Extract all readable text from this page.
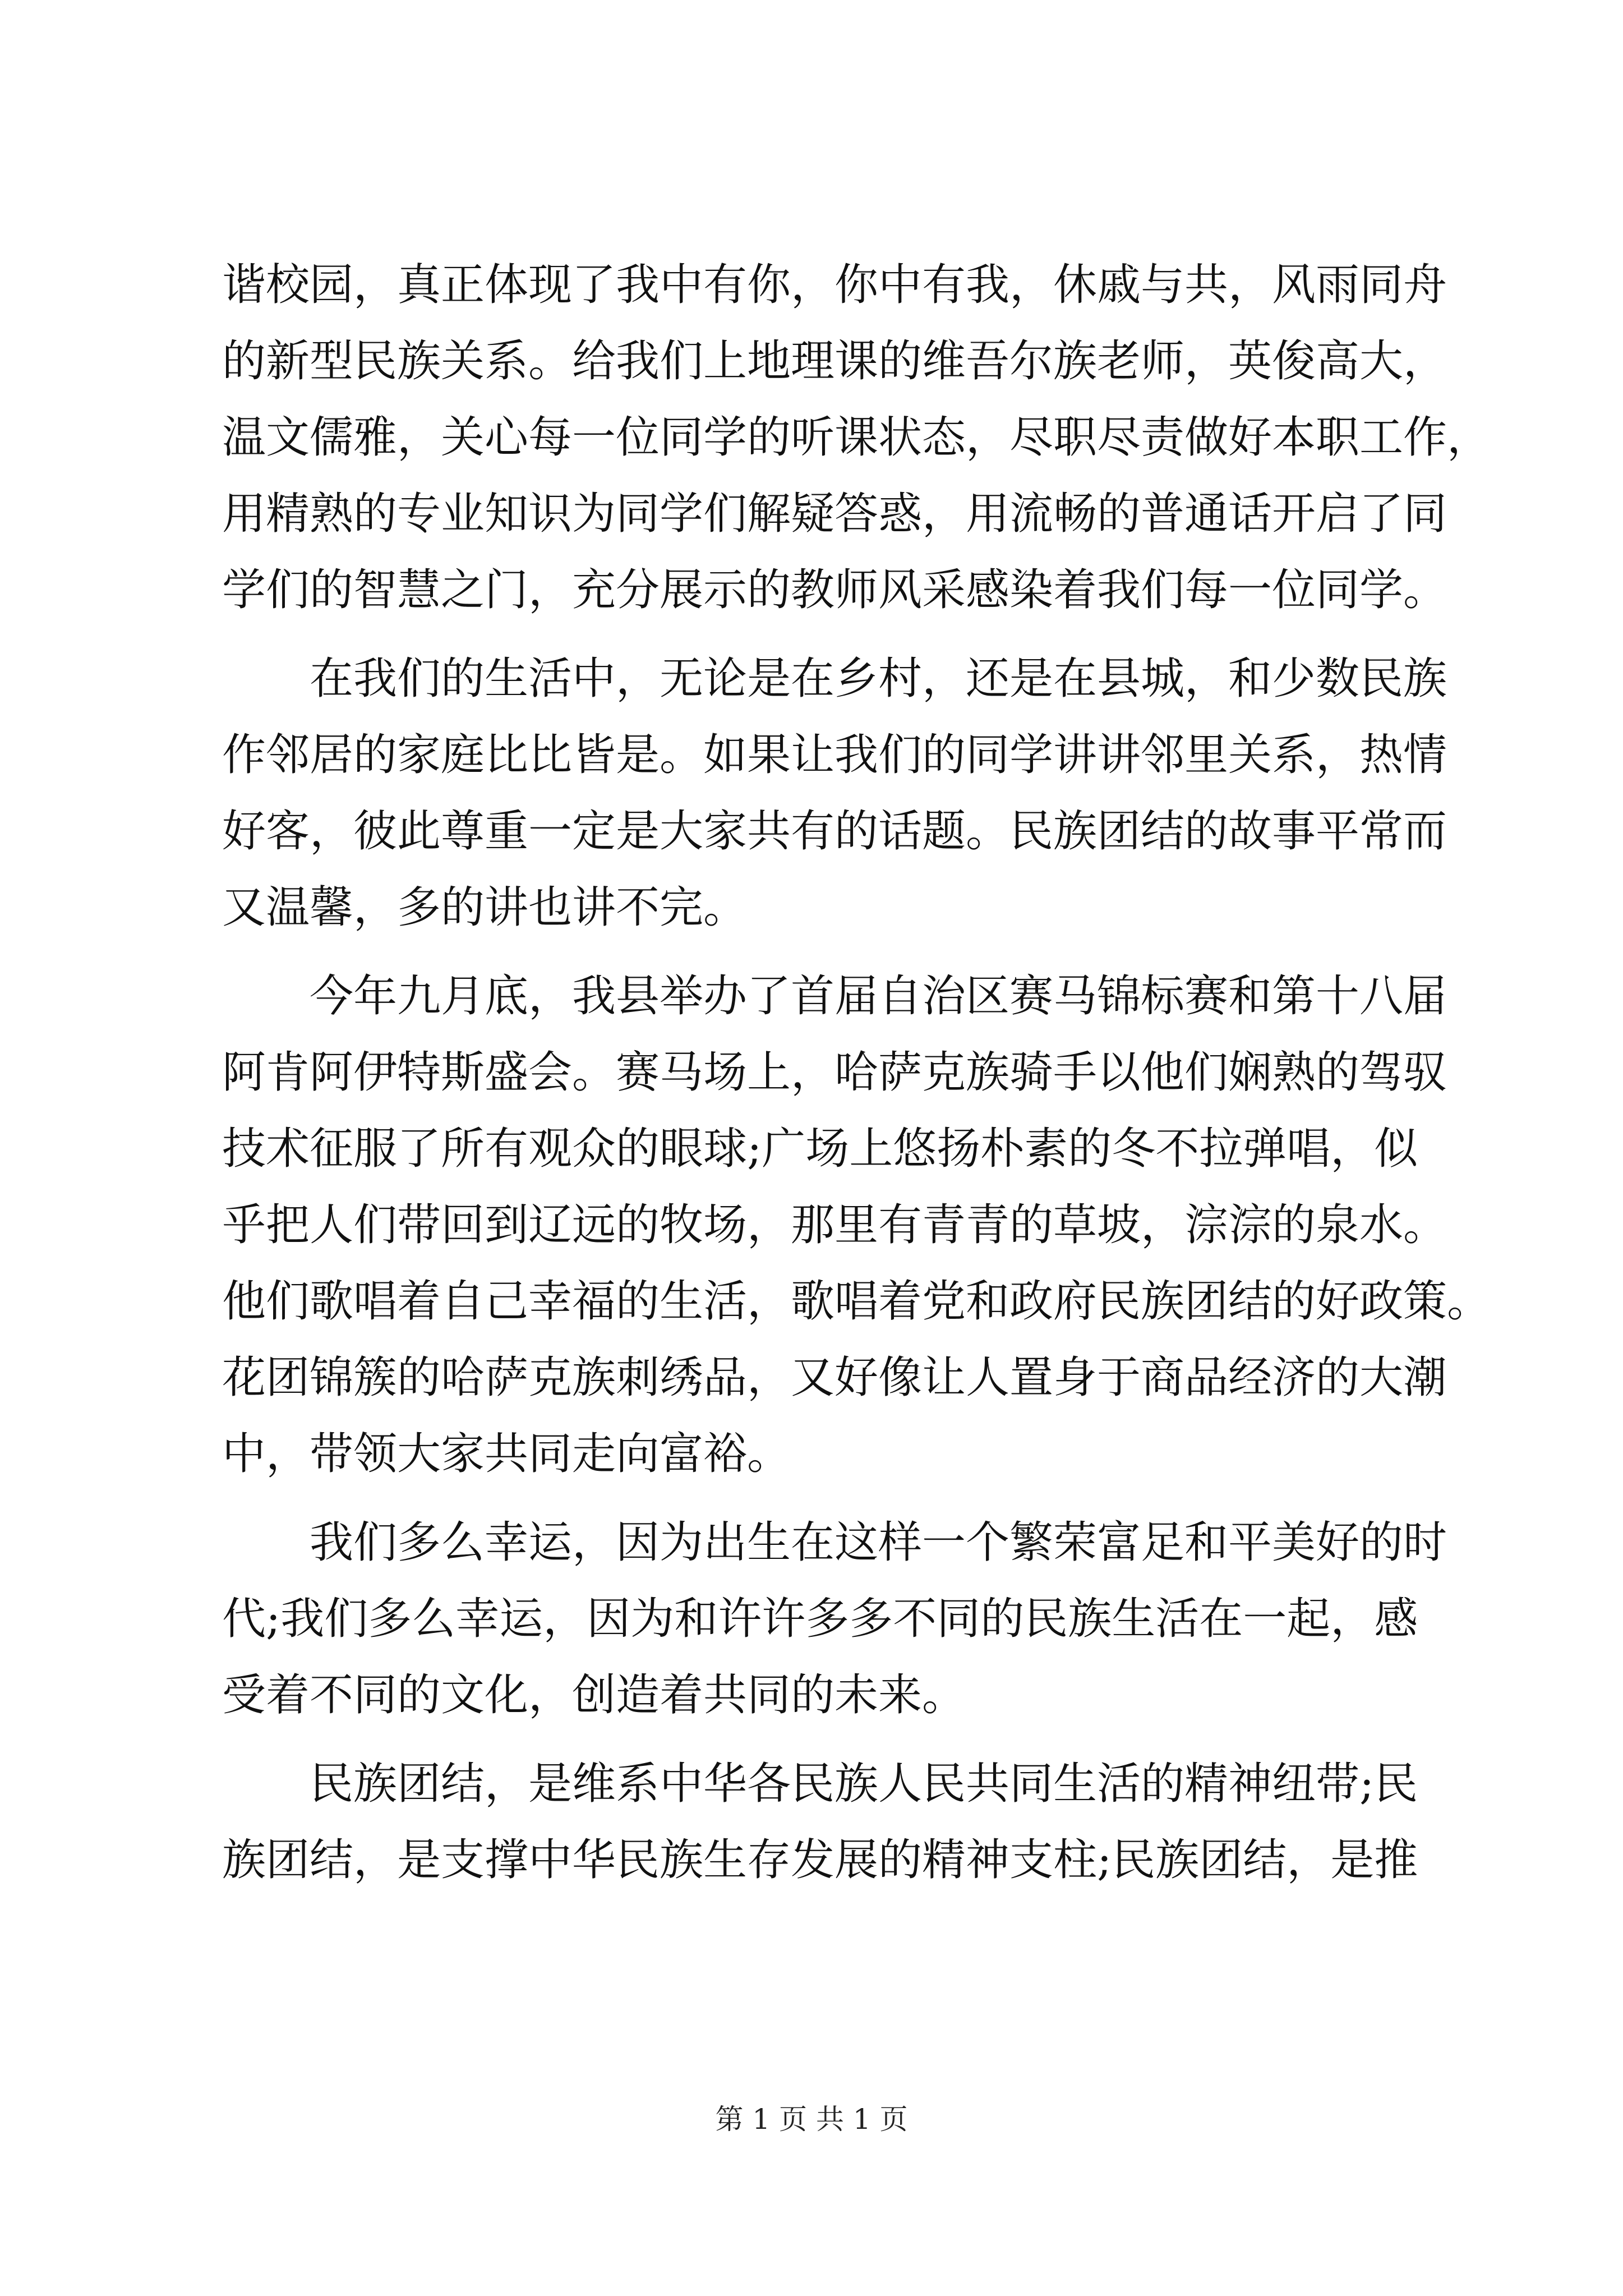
谐校园，真正体现了我中有你，你中有我，休戚与共，风雨同舟
的新型民族关系。给我们上地理课的维吾尔族老师，英俊高大，
温文儒雅，关心每一位同学的听课状态，尽职尽责做好本职工作，
用精熟的专业知识为同学们解疑答惑，用流畅的普通话开启了同
学们的智慧之门，充分展示的教师风采感染着我们每一位同学。
　　在我们的生活中，无论是在乡村，还是在县城，和少数民族
作邻居的家庭比比皆是。如果让我们的同学讲讲邻里关系，热情
好客，彼此尊重一定是大家共有的话题。民族团结的故事平常而
又温馨，多的讲也讲不完。
　　今年九月底，我县举办了首届自治区赛马锦标赛和第十八届
阿肯阿伊特斯盛会。赛马场上，哈萨克族骑手以他们娴熟的驾驭
技术征服了所有观众的眼球;广场上悠扬朴素的冬不拉弹唱，似
乎把人们带回到辽远的牧场，那里有青青的草坡，淙淙的泉水。
他们歌唱着自己幸福的生活，歌唱着党和政府民族团结的好政策。
花团锦簇的哈萨克族刺绣品，又好像让人置身于商品经济的大潮
中，带领大家共同走向富裕。
　　我们多么幸运，因为出生在这样一个繁荣富足和平美好的时
代;我们多么幸运，因为和许许多多不同的民族生活在一起，感
受着不同的文化，创造着共同的未来。
　　民族团结，是维系中华各民族人民共同生活的精神纽带;民
族团结，是支撑中华民族生存发展的精神支柱;民族团结，是推
第 1 页 共 1 页
